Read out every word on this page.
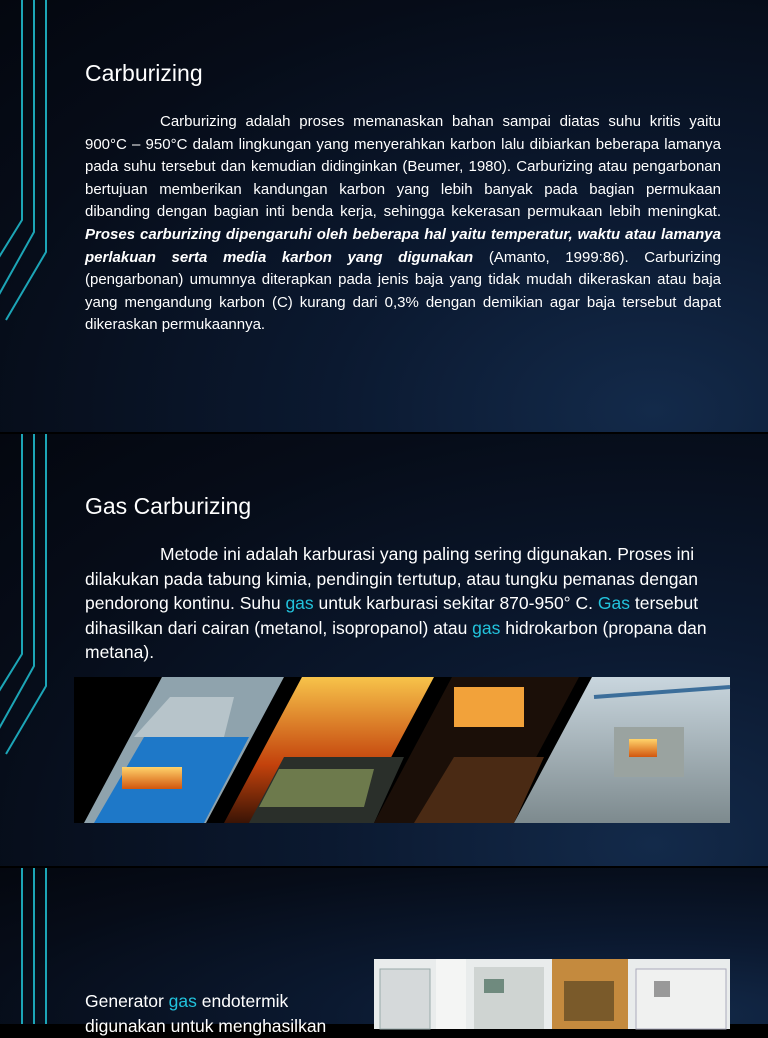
Carburizing

Carburizing adalah proses memanaskan bahan sampai diatas suhu kritis yaitu 900°C – 950°C dalam lingkungan yang menyerahkan karbon lalu dibiarkan beberapa lamanya pada suhu tersebut dan kemudian didinginkan (Beumer, 1980). Carburizing atau pengarbonan bertujuan memberikan kandungan karbon yang lebih banyak pada bagian permukaan dibanding dengan bagian inti benda kerja, sehingga kekerasan permukaan lebih meningkat. Proses carburizing dipengaruhi oleh beberapa hal yaitu temperatur, waktu atau lamanya perlakuan serta media karbon yang digunakan (Amanto, 1999:86). Carburizing (pengarbonan) umumnya diterapkan pada jenis baja yang tidak mudah dikeraskan atau baja yang mengandung karbon (C) kurang dari 0,3% dengan demikian agar baja tersebut dapat dikeraskan permukaannya.

Gas Carburizing

Metode ini adalah karburasi yang paling sering digunakan. Proses ini dilakukan pada tabung kimia, pendingin tertutup, atau tungku pemanas dengan pendorong kontinu. Suhu gas untuk karburasi sekitar 870-950° C. Gas tersebut dihasilkan dari cairan (metanol, isopropanol) atau gas hidrokarbon (propana dan metana).

Generator gas endotermik
digunakan untuk menghasilkan
